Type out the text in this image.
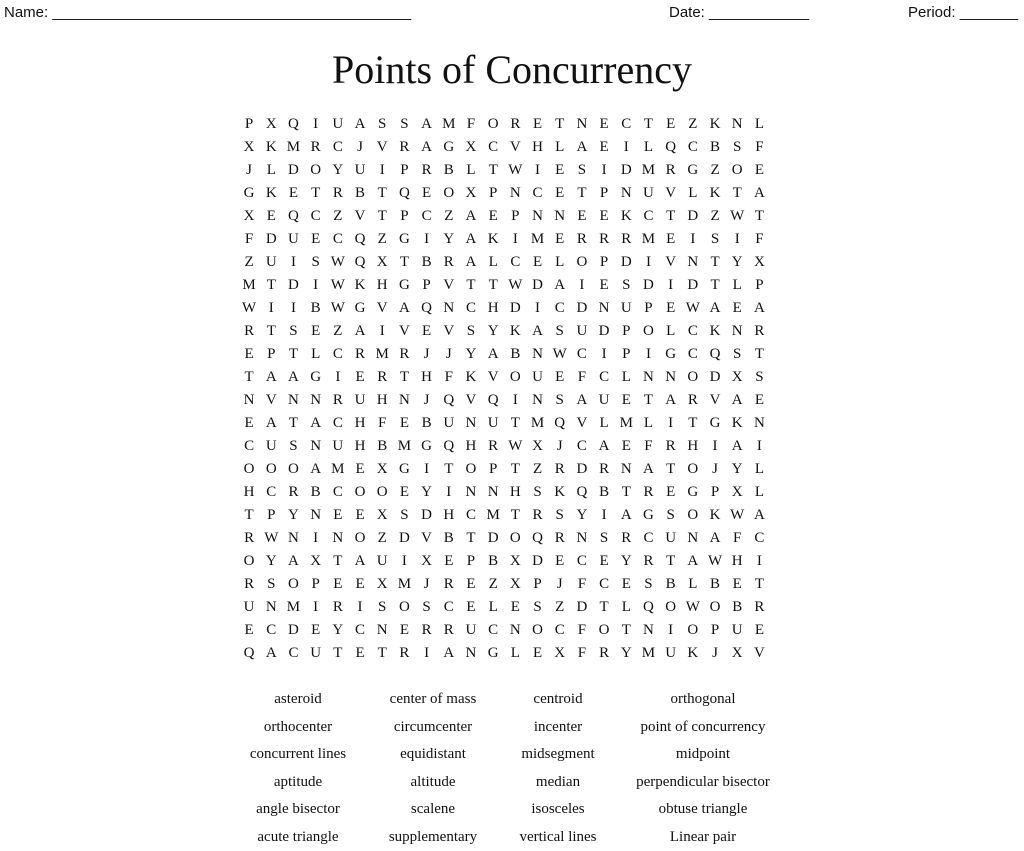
Name: ___________________________________________	Date: ____________	Period: _______
Points of Concurrency
P X Q I U A S S A M F O R E T N E C T E Z K N L
X K M R C J V R A G X C V H L A E	I	L Q C B S F
J L D O Y U I	P R B L T W I	E S	I D M R G Z O E
G K E T R B T Q E O X P N C E T P N U V L K T A
X E Q C Z V T P C Z A E P N N E E K C T D Z W T
F D U E C Q Z G I Y A K I M E R R R M E	I	S	I	F
Z U I	S W Q X T B R A L C E L O P D I V N T Y X
M T D I W K H G P V T T W D A I	E S D I D T L P
W I	I B W G V A Q N C H D I C D N U P E W A E A
R T S E Z A I V E V S Y K A S U D P O L C K N R
E P T L C R M R J	J Y A B N W C I	P	I G C Q S T
T A A G I	E R T H F K V O U E F C L N N O D X S
N V N N R U H N J Q V Q I N S A U E T A R V A E
E A T A C H F E B U N U T M Q V L M L	I	T G K N
C U S N U H B M G Q H R W X J C A E F R H I A I
O O O A M E X G I	T O P T Z R D R N A T O J Y L
H C R B C O O E Y I N N H S K Q B T R E G P X L
T P Y N E E X S D H C M T R S Y I A G S O K W A
R W N I N O Z D V B T D O Q R N S R C U N A F C
O Y A X T A U I X E P B X D E C E Y R T A W H I
R S O P E E X M J R E Z X P	J	F C E S B L B E T
U N M I R I	S O S C E L E S Z D T L Q O W O B R
E C D E Y C N E R R U C N O C F O T N I O P U E
Q A C U T E T R I A N G L E X F R Y M U K J X V
asteroid	center of mass	centroid	orthogonal
orthocenter	circumcenter	incenter	point of concurrency
concurrent lines	equidistant	midsegment	midpoint
aptitude	altitude	median	perpendicular bisector
angle bisector	scalene	isosceles	obtuse triangle
acute triangle	supplementary	vertical lines	Linear pair
